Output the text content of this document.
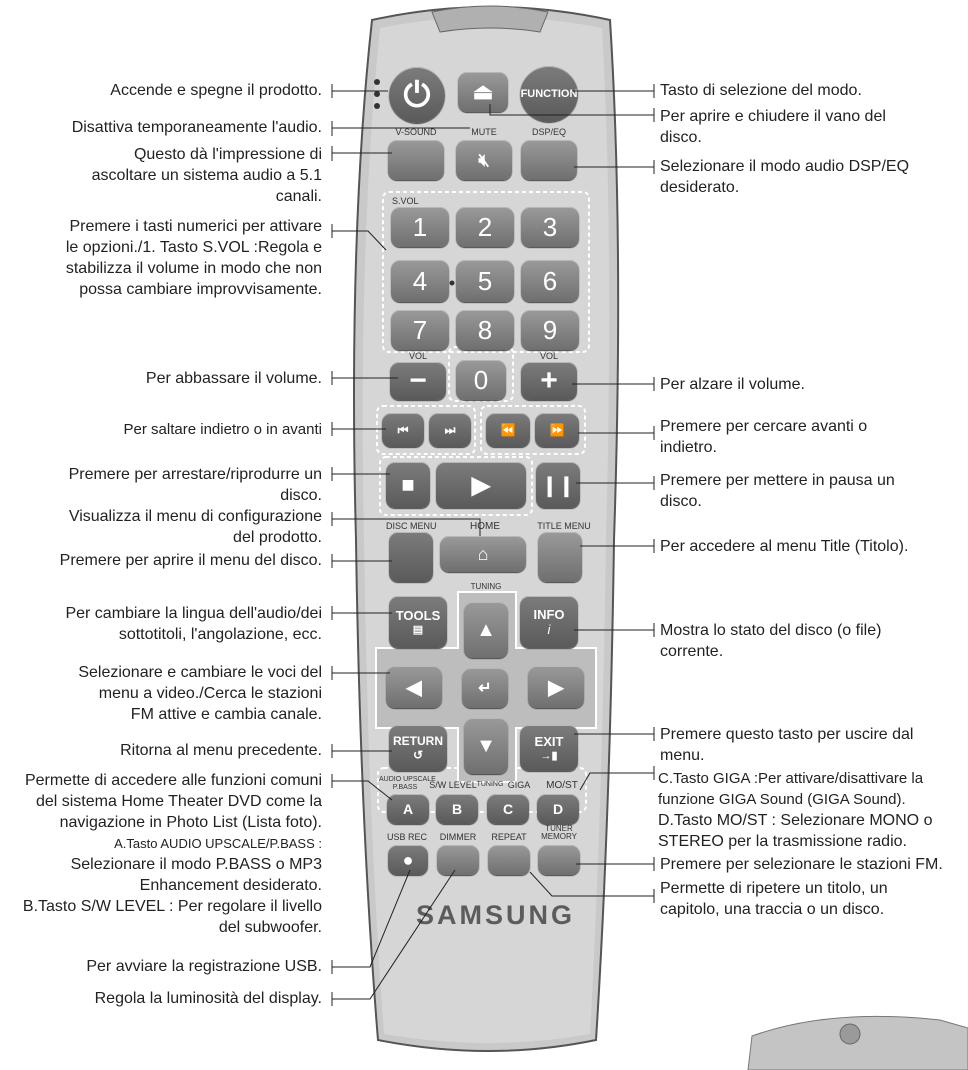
⏻	⏏	FUNCTION
V-SOUND	MUTE	DSP/EQ
🔇︎
S.VOL
1	2	3
4	5	6
7	8	9
VOL	VOL
−	0	+
⏮	⏭	⏪	⏩
■	▶	❙❙
DISC MENU	HOME	TITLE MENU
⌂
TUNING
TOOLS
▤
INFO
i
▲
◀	↵	▶
▼
RETURN
↺
EXIT
→▮
AUDIO UPSCALE
P.BASS	S/W LEVEL TUNING GIGA	MO/ST
A	B	C	D
USB REC	DIMMER	REPEAT
TUNER
MEMORY
●
SAMSUNG
Accende e spegne il prodotto.
Disattiva temporaneamente l'audio.
Questo dà l'impressione di
ascoltare un sistema audio a 5.1
canali.
Premere i tasti numerici per attivare
le opzioni./1. Tasto S.VOL :Regola e
stabilizza il volume in modo che non
possa cambiare improvvisamente.
Per abbassare il volume.
Per saltare indietro o in avanti
Premere per arrestare/riprodurre un
disco.
Visualizza il menu di configurazione
del prodotto.
Premere per aprire il menu del disco.
Per cambiare la lingua dell'audio/dei
sottotitoli, l'angolazione, ecc.
Selezionare e cambiare le voci del
menu a video./Cerca le stazioni
FM attive e cambia canale.
Ritorna al menu precedente.
Permette di accedere alle funzioni comuni
del sistema Home Theater DVD come la
navigazione in Photo List (Lista foto).
A.Tasto AUDIO UPSCALE/P.BASS :
Selezionare il modo P.BASS o MP3
Enhancement desiderato.
B.Tasto S/W LEVEL : Per regolare il livello
del subwoofer.
Per avviare la registrazione USB.
Regola la luminosità del display.
Tasto di selezione del modo.
Per aprire e chiudere il vano del
disco.
Selezionare il modo audio DSP/EQ
desiderato.
Per alzare il volume.
Premere per cercare avanti o
indietro.
Premere per mettere in pausa un
disco.
Per accedere al menu Title (Titolo).
Mostra lo stato del disco (o file)
corrente.
Premere questo tasto per uscire dal
menu.
C.Tasto GIGA :Per attivare/disattivare la
funzione GIGA Sound (GIGA Sound).
D.Tasto MO/ST : Selezionare MONO o
STEREO per la trasmissione radio.
Premere per selezionare le stazioni FM.
Permette di ripetere un titolo, un
capitolo, una traccia o un disco.
